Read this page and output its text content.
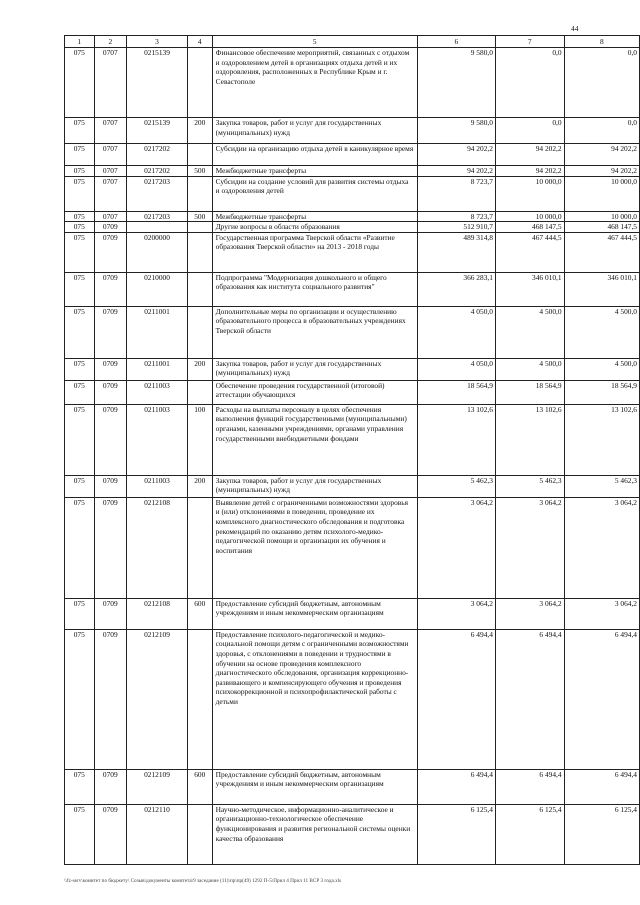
44
1	2	3	4	5	6	7	8
075	0707	0215139		Финансовое обеспечение мероприятий, связанных с отдыхом и оздоровлением детей в организациях отдыха детей и их оздоровления, расположенных в Республике Крым и г. Севастополе	9 580,0	0,0	0,0
075	0707	0215139	200	Закупка товаров, работ и услуг для государственных (муниципальных) нужд	9 580,0	0,0	0,0
075	0707	0217202		Субсидии на организацию отдыха детей в каникулярное время	94 202,2	94 202,2	94 202,2
075	0707	0217202	500	Межбюджетные трансферты	94 202,2	94 202,2	94 202,2
075	0707	0217203		Субсидии на создание условий для развития системы отдыха и оздоровления детей	8 723,7	10 000,0	10 000,0
075	0707	0217203	500	Межбюджетные трансферты	8 723,7	10 000,0	10 000,0
075	0709			Другие вопросы в области образования	512 910,7	468 147,5	468 147,5
075	0709	0200000		Государственная программа Тверской области «Развитие образования Тверской области» на 2013 - 2018 годы	489 314,8	467 444,5	467 444,5
075	0709	0210000		Подпрограмма "Модернизация дошкольного и общего образования как института социального развития"	366 283,1	346 010,1	346 010,1
075	0709	0211001		Дополнительные меры по организации и осуществлению образовательного процесса в образовательных учреждениях Тверской области	4 050,0	4 500,0	4 500,0
075	0709	0211001	200	Закупка товаров, работ и услуг для государственных (муниципальных) нужд	4 050,0	4 500,0	4 500,0
075	0709	0211003		Обеспечение проведения государственной (итоговой) аттестации обучающихся	18 564,9	18 564,9	18 564,9
075	0709	0211003	100	Расходы на выплаты персоналу в целях обеспечения выполнения функций государственными (муниципальными) органами, казенными учреждениями, органами управления государственными внебюджетными фондами	13 102,6	13 102,6	13 102,6
075	0709	0211003	200	Закупка товаров, работ и услуг для государственных (муниципальных) нужд	5 462,3	5 462,3	5 462,3
075	0709	0212108		Выявление детей с ограниченными возможностями здоровья и (или) отклонениями в поведении, проведение их комплексного диагностического обследования и подготовка рекомендаций по оказанию детям психолого-медико-педагогической помощи и организации их обучения и воспитания	3 064,2	3 064,2	3 064,2
075	0709	0212108	600	Предоставление субсидий бюджетным, автономным учреждениям и иным некоммерческим организациям	3 064,2	3 064,2	3 064,2
075	0709	0212109		Предоставление психолого-педагогической и медико-социальной помощи детям с ограниченными возможностями здоровья, с отклонениями в поведении и трудностями в обучении на основе проведения комплексного диагностического обследования, организация коррекционно-развивающего и компенсирующего обучения и проведения психокоррекционной и психопрофилактической работы с детьми	6 494,4	6 494,4	6 494,4
075	0709	0212109	600	Предоставление субсидий бюджетным, автономным учреждениям и иным некоммерческим организациям	6 494,4	6 494,4	6 494,4
075	0709	0212110		Научно-методическое, информационно-аналитическое и организационно-технологическое обеспечение функционирования и развития региональной системы оценки качества образования	6 125,4	6 125,4	6 125,4
\\fz-serv\комитет по бюджету\ Созыв\документы комитета\9 заседание (11)\пр\пр(49) 1292 П-5\Прил 4 Прил 11 ВСР 3 года.xls
